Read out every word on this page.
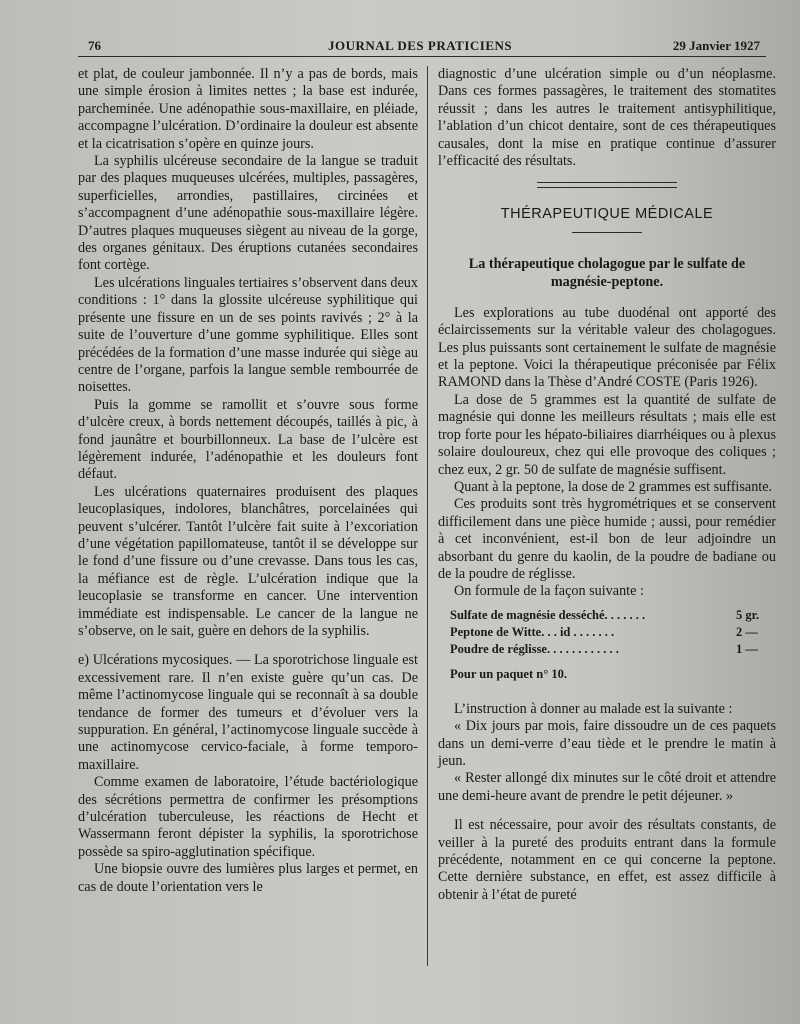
76	JOURNAL DES PRATICIENS	29 Janvier 1927

et plat, de couleur jambonnée. Il n’y a pas de bords, mais une simple érosion à limites nettes ; la base est indurée, parcheminée. Une adénopathie sous-maxillaire, en pléiade, accompagne l’ulcération. D’ordinaire la douleur est absente et la cicatrisation s’opère en quinze jours.

La syphilis ulcéreuse secondaire de la langue se traduit par des plaques muqueuses ulcérées, multiples, passagères, superficielles, arrondies, pastillaires, circinées et s’accompagnent d’une adénopathie sous-maxillaire légère. D’autres plaques muqueuses siègent au niveau de la gorge, des organes génitaux. Des éruptions cutanées secondaires font cortège.

Les ulcérations linguales tertiaires s’observent dans deux conditions : 1° dans la glossite ulcéreuse syphilitique qui présente une fissure en un de ses points ravivés ; 2° à la suite de l’ouverture d’une gomme syphilitique. Elles sont précédées de la formation d’une masse indurée qui siège au centre de l’organe, parfois la langue semble rembourrée de noisettes.

Puis la gomme se ramollit et s’ouvre sous forme d’ulcère creux, à bords nettement découpés, taillés à pic, à fond jaunâtre et bourbillonneux. La base de l’ulcère est légèrement indurée, l’adénopathie et les douleurs font défaut.

Les ulcérations quaternaires produisent des plaques leucoplasiques, indolores, blanchâtres, porcelainées qui peuvent s’ulcérer. Tantôt l’ulcère fait suite à l’excoriation d’une végétation papillomateuse, tantôt il se développe sur le fond d’une fissure ou d’une crevasse. Dans tous les cas, la méfiance est de règle. L’ulcération indique que la leucoplasie se transforme en cancer. Une intervention immédiate est indispensable. Le cancer de la langue ne s’observe, on le sait, guère en dehors de la syphilis.

e) Ulcérations mycosiques. — La sporotrichose linguale est excessivement rare. Il n’en existe guère qu’un cas. De même l’actinomycose linguale qui se reconnaît à sa double tendance de former des tumeurs et d’évoluer vers la suppuration. En général, l’actinomycose linguale succède à une actinomycose cervico-faciale, à forme temporo-maxillaire.

Comme examen de laboratoire, l’étude bactériologique des sécrétions permettra de confirmer les présomptions d’ulcération tuberculeuse, les réactions de Hecht et Wassermann feront dépister la syphilis, la sporotrichose possède sa spiro-agglutination spécifique.

Une biopsie ouvre des lumières plus larges et permet, en cas de doute l’orientation vers le

diagnostic d’une ulcération simple ou d’un néoplasme. Dans ces formes passagères, le traitement des stomatites réussit ; dans les autres le traitement antisyphilitique, l’ablation d’un chicot dentaire, sont de ces thérapeutiques causales, dont la mise en pratique continue d’assurer l’efficacité des résultats.

THÉRAPEUTIQUE MÉDICALE
La thérapeutique cholagogue par le sulfate de magnésie-peptone.

Les explorations au tube duodénal ont apporté des éclaircissements sur la véritable valeur des cholagogues. Les plus puissants sont certainement le sulfate de magnésie et la peptone. Voici la thérapeutique préconisée par Félix RAMOND dans la Thèse d’André COSTE (Paris 1926).

La dose de 5 grammes est la quantité de sulfate de magnésie qui donne les meilleurs résultats ; mais elle est trop forte pour les hépato-biliaires diarrhéiques ou à plexus solaire douloureux, chez qui elle provoque des coliques ; chez eux, 2 gr. 50 de sulfate de magnésie suffisent.

Quant à la peptone, la dose de 2 grammes est suffisante.

Ces produits sont très hygrométriques et se conservent difficilement dans une pièce humide ; aussi, pour remédier à cet inconvénient, est-il bon de leur adjoindre un absorbant du genre du kaolin, de la poudre de badiane ou de la poudre de réglisse.

On formule de la façon suivante :

Sulfate de magnésie desséché. . . . . . .	5 gr.
Peptone de Witte. . . id . . . . . . .	2 —
Poudre de réglisse. . . . . . . . . . . .	1 —
Pour un paquet n° 10.

L’instruction à donner au malade est la suivante :

« Dix jours par mois, faire dissoudre un de ces paquets dans un demi-verre d’eau tiède et le prendre le matin à jeun.

« Rester allongé dix minutes sur le côté droit et attendre une demi-heure avant de prendre le petit déjeuner. »

Il est nécessaire, pour avoir des résultats constants, de veiller à la pureté des produits entrant dans la formule précédente, notamment en ce qui concerne la peptone. Cette dernière substance, en effet, est assez difficile à obtenir à l’état de pureté
